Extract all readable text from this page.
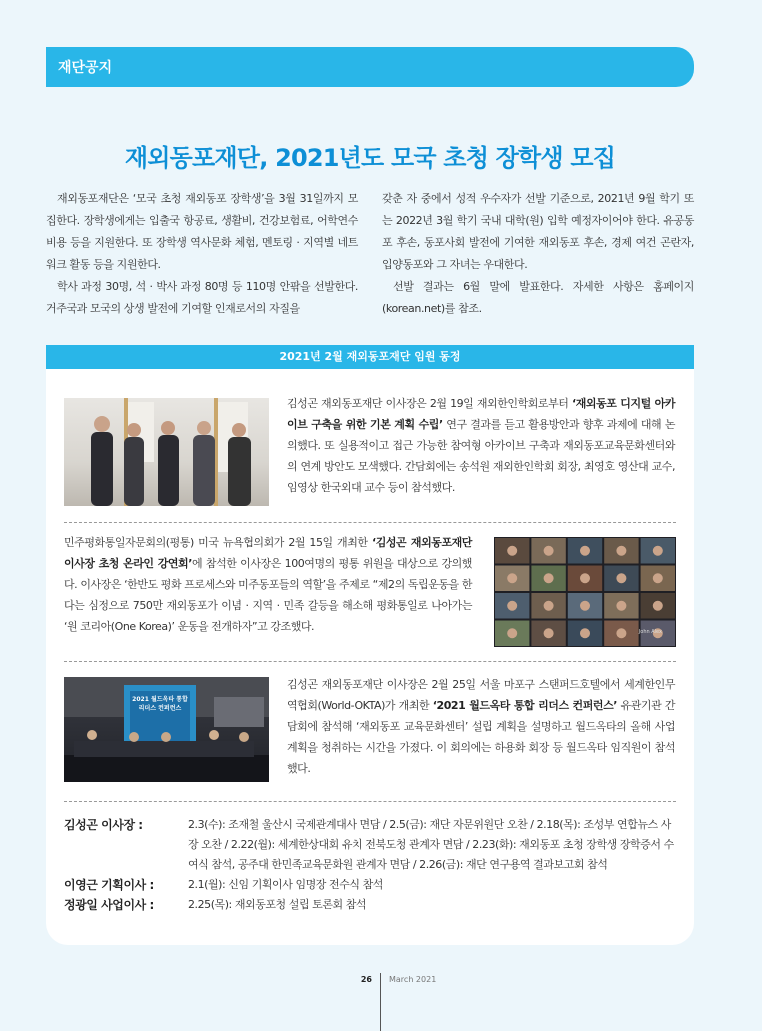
재단공지
재외동포재단, 2021년도 모국 초청 장학생 모집

재외동포재단은 ‘모국 초청 재외동포 장학생’을 3월 31일까지 모집한다. 장학생에게는 입출국 항공료, 생활비, 건강보험료, 어학연수 비용 등을 지원한다. 또 장학생 역사문화 체험, 멘토링 · 지역별 네트워크 활동 등을 지원한다.

학사 과정 30명, 석 · 박사 과정 80명 등 110명 안팎을 선발한다. 거주국과 모국의 상생 발전에 기여할 인재로서의 자질을

갖춘 자 중에서 성적 우수자가 선발 기준으로, 2021년 9월 학기 또는 2022년 3월 학기 국내 대학(원) 입학 예정자이어야 한다. 유공동포 후손, 동포사회 발전에 기여한 재외동포 후손, 경제 여건 곤란자, 입양동포와 그 자녀는 우대한다.

선발 결과는 6월 말에 발표한다. 자세한 사항은 홈페이지(korean.net)를 참조.

2021년 2월 재외동포재단 임원 동정
김성곤 재외동포재단 이사장은 2월 19일 재외한인학회로부터 ‘재외동포 디지털 아카이브 구축을 위한 기본 계획 수립’ 연구 결과를 듣고 활용방안과 향후 과제에 대해 논의했다. 또 실용적이고 접근 가능한 참여형 아카이브 구축과 재외동포교육문화센터와의 연계 방안도 모색했다. 간담회에는 송석원 재외한인학회 회장, 최영호 영산대 교수, 임영상 한국외대 교수 등이 참석했다.
민주평화통일자문회의(평통) 미국 뉴욕협의회가 2월 15일 개최한 ‘김성곤 재외동포재단 이사장 초청 온라인 강연회’에 참석한 이사장은 100여명의 평통 위원을 대상으로 강의했다. 이사장은 ‘한반도 평화 프로세스와 미주동포들의 역할’을 주제로 “제2의 독립운동을 한다는 심정으로 750만 재외동포가 이념 · 지역 · 민족 갈등을 해소해 평화통일로 나아가는 ‘원 코리아(One Korea)’ 운동을 전개하자”고 강조했다.	John Alex
2021 월드옥타 통합 리더스 컨퍼런스
김성곤 재외동포재단 이사장은 2월 25일 서울 마포구 스탠퍼드호텔에서 세계한인무역협회(World-OKTA)가 개최한 ‘2021 월드옥타 통합 리더스 컨퍼런스’ 유관기관 간담회에 참석해 ‘재외동포 교육문화센터’ 설립 계획을 설명하고 월드옥타의 올해 사업 계획을 청취하는 시간을 가졌다. 이 회의에는 하용화 회장 등 월드옥타 임직원이 참석했다.
김성곤 이사장 :	2.3(수): 조재철 울산시 국제관계대사 면담 / 2.5(금): 재단 자문위원단 오찬 / 2.18(목): 조성부 연합뉴스 사장 오찬 / 2.22(월): 세계한상대회 유치 전북도청 관계자 면담 / 2.23(화): 재외동포 초청 장학생 장학증서 수여식 참석, 공주대 한민족교육문화원 관계자 면담 / 2.26(금): 재단 연구용역 결과보고회 참석
이영근 기획이사 :	2.1(월): 신임 기획이사 임명장 전수식 참석
정광일 사업이사 :	2.25(목): 재외동포청 설립 토론회 참석
26 March 2021
